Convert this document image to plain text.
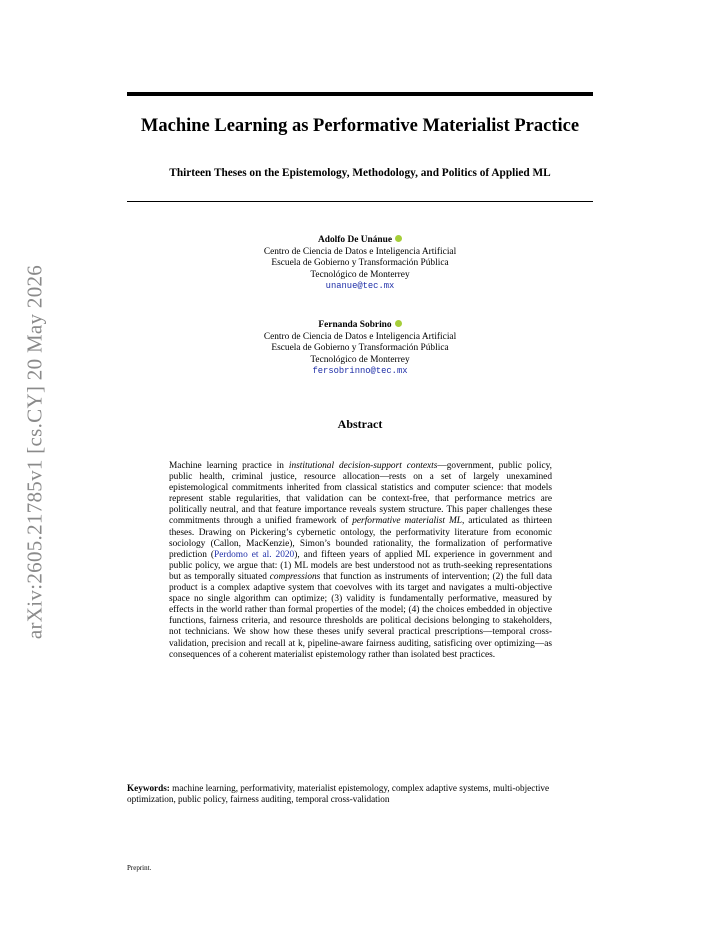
arXiv:2605.21785v1 [cs.CY] 20 May 2026
Machine Learning as Performative Materialist Practice
Thirteen Theses on the Epistemology, Methodology, and Politics of Applied ML
Adolfo De Unánue
Centro de Ciencia de Datos e Inteligencia Artificial
Escuela de Gobierno y Transformación Pública
Tecnológico de Monterrey
unanue@tec.mx
Fernanda Sobrino
Centro de Ciencia de Datos e Inteligencia Artificial
Escuela de Gobierno y Transformación Pública
Tecnológico de Monterrey
fersobrinno@tec.mx
Abstract
Machine learning practice in institutional decision-support contexts—government, public policy, public health, criminal justice, resource allocation—rests on a set of largely unexamined epistemological commitments inherited from classical statistics and computer science: that models represent stable regularities, that validation can be context-free, that performance metrics are politically neutral, and that feature importance reveals system structure. This paper challenges these commitments through a unified framework of performative materialist ML, articulated as thirteen theses. Drawing on Pickering’s cybernetic ontology, the performativity literature from economic sociology (Callon, MacKenzie), Simon’s bounded rationality, the formalization of performative prediction (Perdomo et al. 2020), and fifteen years of applied ML experience in government and public policy, we argue that: (1) ML models are best understood not as truth-seeking representations but as temporally situated compressions that function as instruments of intervention; (2) the full data product is a complex adaptive system that coevolves with its target and navigates a multi-objective space no single algorithm can optimize; (3) validity is fundamentally performative, measured by effects in the world rather than formal properties of the model; (4) the choices embedded in objective functions, fairness criteria, and resource thresholds are political decisions belonging to stakeholders, not technicians. We show how these theses unify several practical prescriptions—temporal cross-validation, precision and recall at k, pipeline-aware fairness auditing, satisficing over optimizing—as consequences of a coherent materialist epistemology rather than isolated best practices.
Keywords: machine learning, performativity, materialist epistemology, complex adaptive systems, multi-objective optimization, public policy, fairness auditing, temporal cross-validation
Preprint.
